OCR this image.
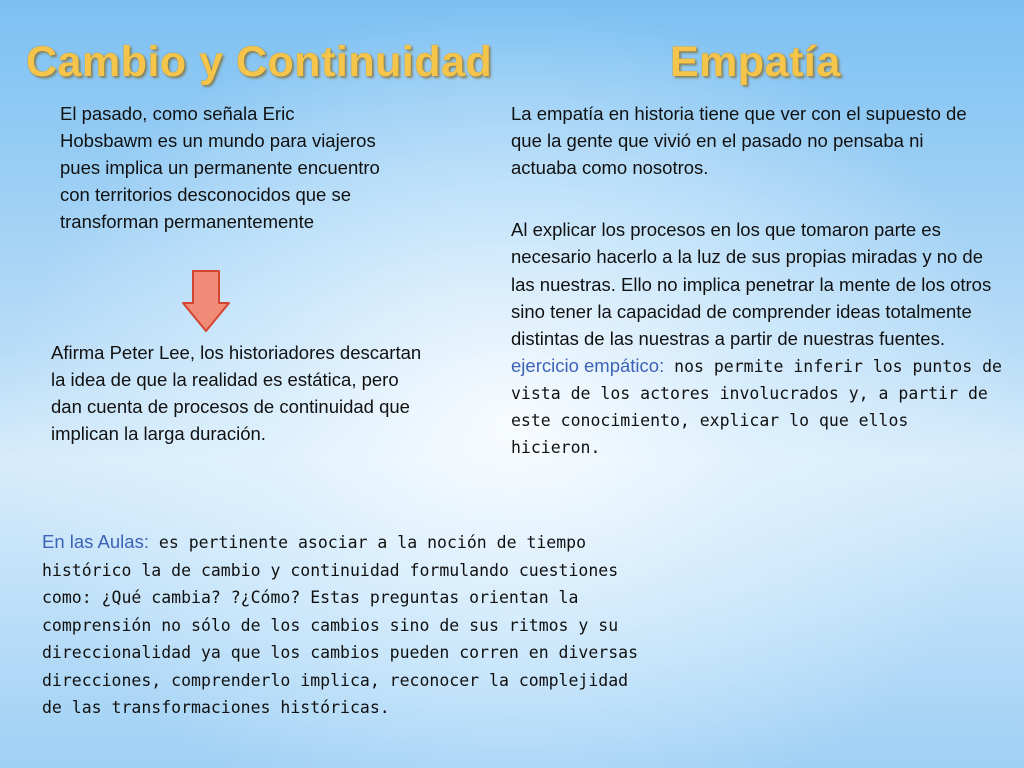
Cambio y Continuidad	Empatía

El pasado, como señala Eric Hobsbawm es un mundo para viajeros pues implica un permanente encuentro con territorios desconocidos que se transforman permanentemente

Afirma Peter Lee, los historiadores descartan la idea de que la realidad es estática, pero dan cuenta de procesos de continuidad que implican la larga duración.

La empatía en historia tiene que ver con el supuesto de que la gente que vivió en el pasado no pensaba ni actuaba como nosotros.

Al explicar los procesos en los que tomaron parte es necesario hacerlo a la luz de sus propias miradas y no de las nuestras. Ello no implica penetrar la mente de los otros sino tener la capacidad de comprender ideas totalmente distintas de las nuestras a partir de nuestras fuentes.

ejercicio empático: nos permite inferir los puntos de vista de los actores involucrados y, a partir de este conocimiento, explicar lo que ellos hicieron.

En las Aulas: es pertinente asociar a la noción de tiempo histórico la de cambio y continuidad formulando cuestiones como: ¿Qué cambia? ?¿Cómo? Estas preguntas orientan la comprensión no sólo de los cambios sino de sus ritmos y su direccionalidad ya que los cambios pueden corren en diversas direcciones, comprenderlo implica, reconocer la complejidad de las transformaciones históricas.
